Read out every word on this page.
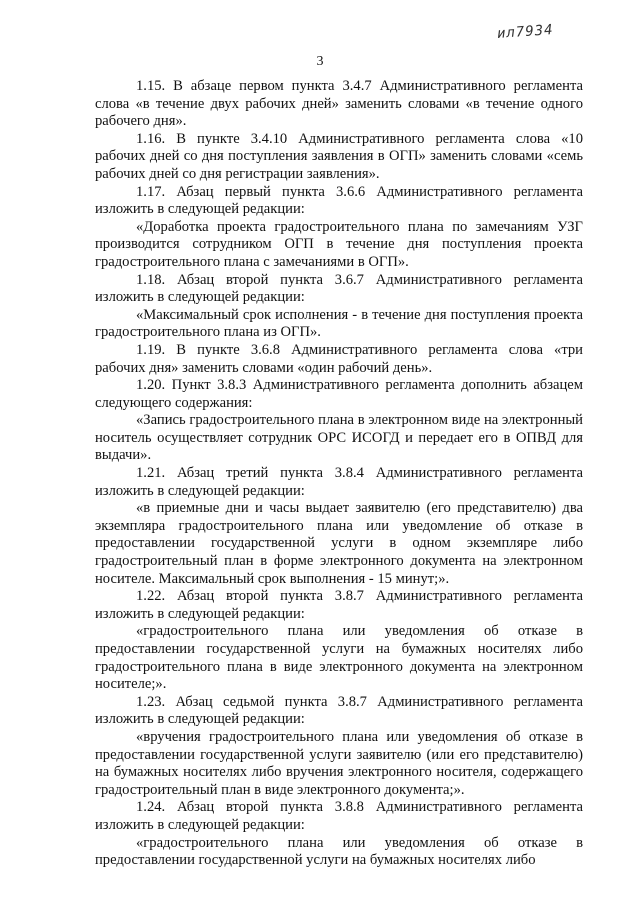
ил7934
3

1.15. В абзаце первом пункта 3.4.7 Административного регламента слова «в течение двух рабочих дней» заменить словами «в течение одного рабочего дня».

1.16. В пункте 3.4.10 Административного регламента слова «10 рабочих дней со дня поступления заявления в ОГП» заменить словами «семь рабочих дней со дня регистрации заявления».

1.17. Абзац первый пункта 3.6.6 Административного регламента изложить в следующей редакции:

«Доработка проекта градостроительного плана по замечаниям УЗГ производится сотрудником ОГП в течение дня поступления проекта градостроительного плана с замечаниями в ОГП».

1.18. Абзац второй пункта 3.6.7 Административного регламента изложить в следующей редакции:

«Максимальный срок исполнения - в течение дня поступления проекта градостроительного плана из ОГП».

1.19. В пункте 3.6.8 Административного регламента слова «три рабочих дня» заменить словами «один рабочий день».

1.20. Пункт 3.8.3 Административного регламента дополнить абзацем следующего содержания:

«Запись градостроительного плана в электронном виде на электронный носитель осуществляет сотрудник ОРС ИСОГД и передает его в ОПВД для выдачи».

1.21. Абзац третий пункта 3.8.4 Административного регламента изложить в следующей редакции:

«в приемные дни и часы выдает заявителю (его представителю) два экземпляра градостроительного плана или уведомление об отказе в предоставлении государственной услуги в одном экземпляре либо градостроительный план в форме электронного документа на электронном носителе. Максимальный срок выполнения - 15 минут;».

1.22. Абзац второй пункта 3.8.7 Административного регламента изложить в следующей редакции:

«градостроительного плана или уведомления об отказе в предоставлении государственной услуги на бумажных носителях либо градостроительного плана в виде электронного документа на электронном носителе;».

1.23. Абзац седьмой пункта 3.8.7 Административного регламента изложить в следующей редакции:

«вручения градостроительного плана или уведомления об отказе в предоставлении государственной услуги заявителю (или его представителю) на бумажных носителях либо вручения электронного носителя, содержащего градостроительный план в виде электронного документа;».

1.24. Абзац второй пункта 3.8.8 Административного регламента изложить в следующей редакции:

«градостроительного плана или уведомления об отказе в предоставлении государственной услуги на бумажных носителях либо
